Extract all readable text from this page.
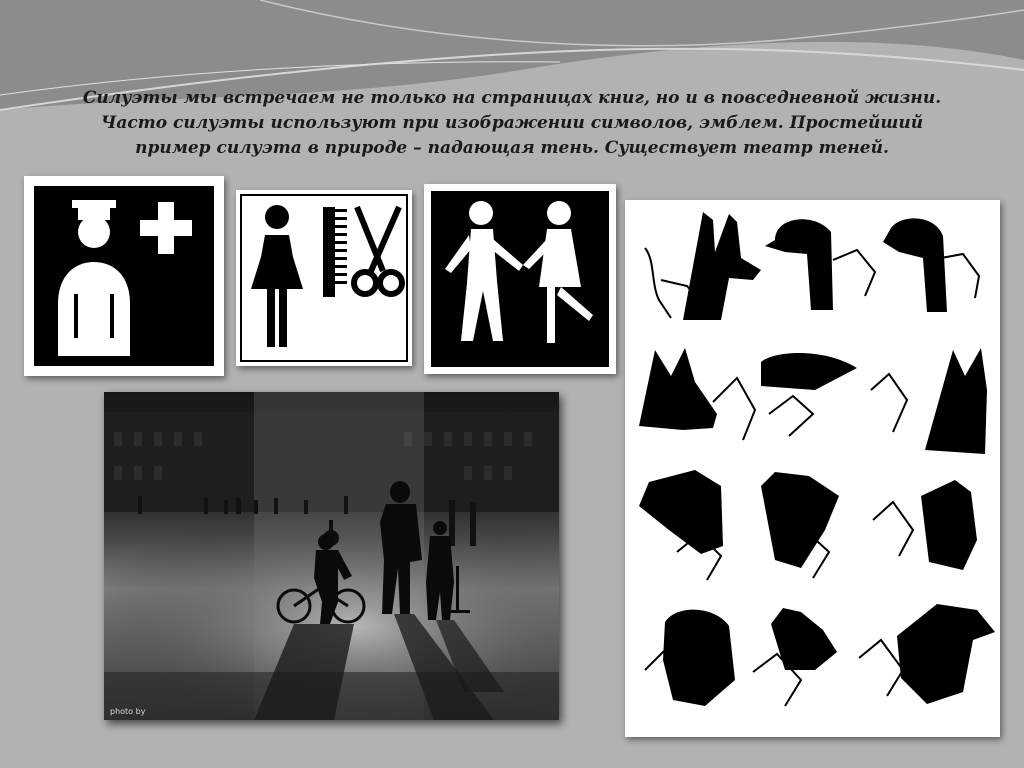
Силуэты мы встречаем не только на страницах книг, но и в повседневной жизни.
Часто силуэты используют при изображении символов, эмблем. Простейший
пример силуэта в природе – падающая тень. Существует театр теней.
photo by
